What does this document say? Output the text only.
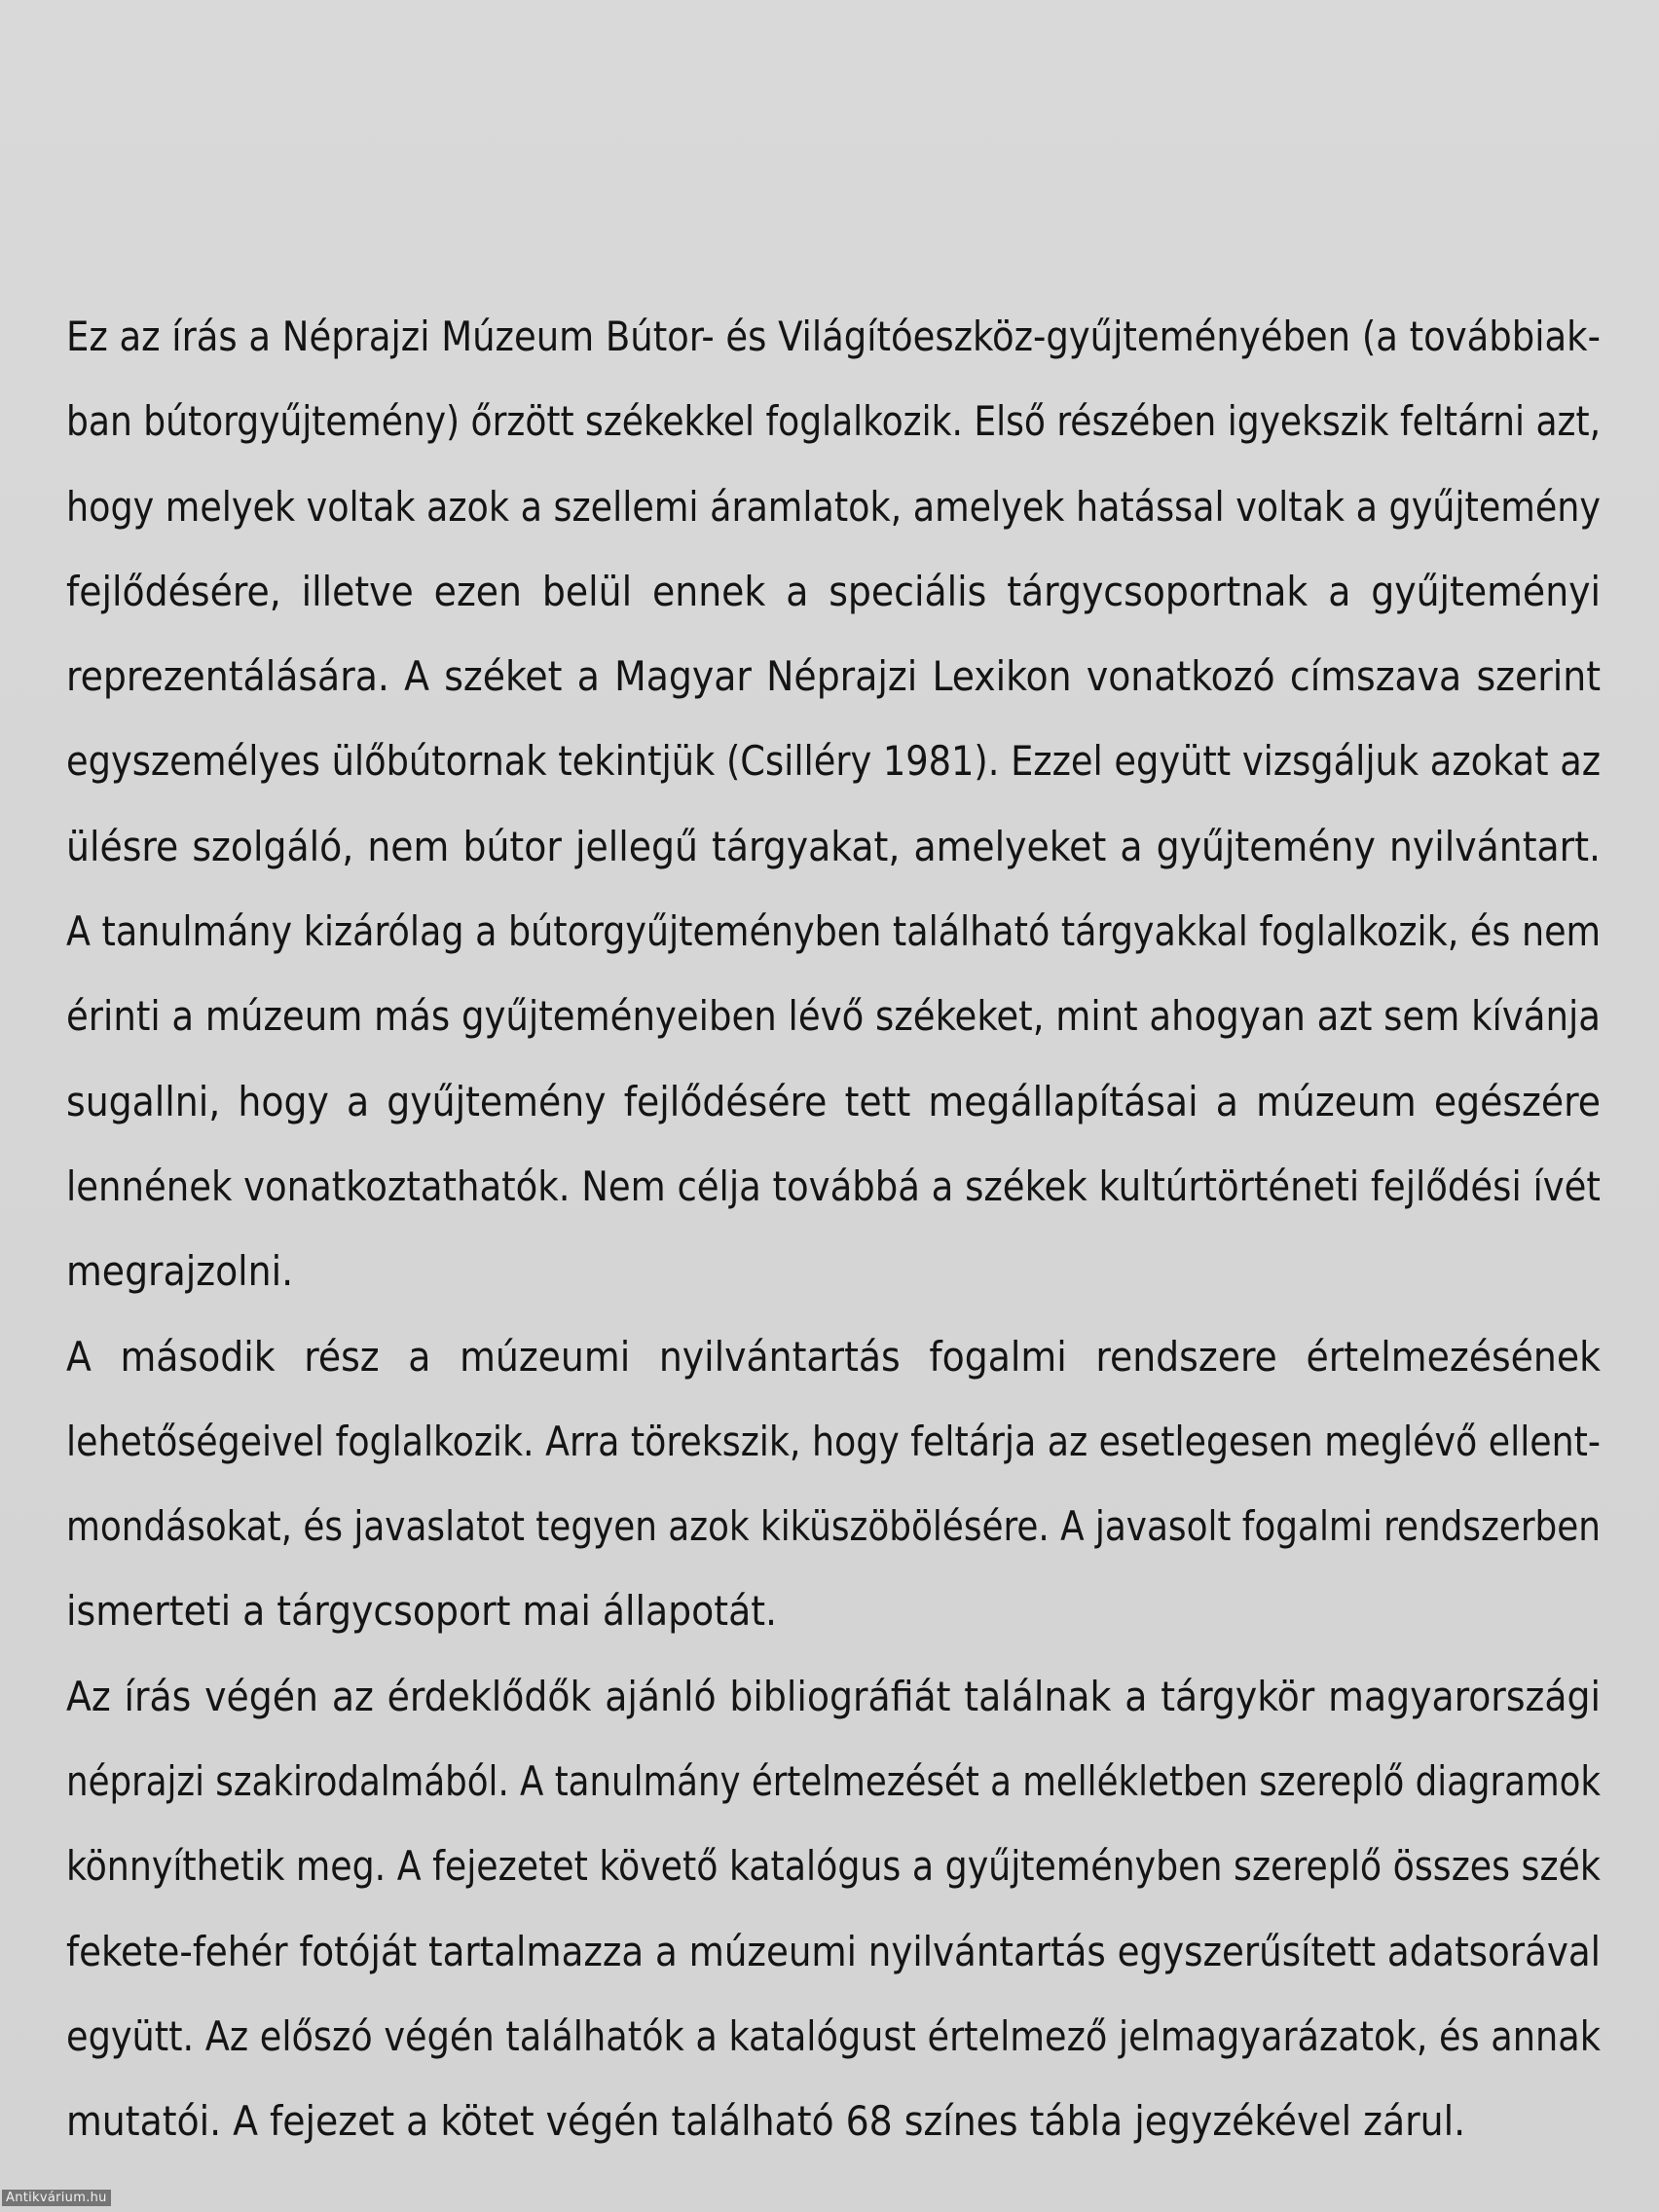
Ez az írás a Néprajzi Múzeum Bútor- és Világítóeszköz-gyűjteményében (a továbbiak-
ban bútorgyűjtemény) őrzött székekkel foglalkozik. Első részében igyekszik feltárni azt,
hogy melyek voltak azok a szellemi áramlatok, amelyek hatással voltak a gyűjtemény
fejlődésére, illetve ezen belül ennek a speciális tárgycsoportnak a gyűjteményi
reprezentálására. A széket a Magyar Néprajzi Lexikon vonatkozó címszava szerint
egyszemélyes ülőbútornak tekintjük (Csilléry 1981). Ezzel együtt vizsgáljuk azokat az
ülésre szolgáló, nem bútor jellegű tárgyakat, amelyeket a gyűjtemény nyilvántart.
A tanulmány kizárólag a bútorgyűjteményben található tárgyakkal foglalkozik, és nem
érinti a múzeum más gyűjteményeiben lévő székeket, mint ahogyan azt sem kívánja
sugallni, hogy a gyűjtemény fejlődésére tett megállapításai a múzeum egészére
lennének vonatkoztathatók. Nem célja továbbá a székek kultúrtörténeti fejlődési ívét
megrajzolni.
A második rész a múzeumi nyilvántartás fogalmi rendszere értelmezésének
lehetőségeivel foglalkozik. Arra törekszik, hogy feltárja az esetlegesen meglévő ellent-
mondásokat, és javaslatot tegyen azok kiküszöbölésére. A javasolt fogalmi rendszerben
ismerteti a tárgycsoport mai állapotát.
Az írás végén az érdeklődők ajánló bibliográfiát találnak a tárgykör magyarországi
néprajzi szakirodalmából. A tanulmány értelmezését a mellékletben szereplő diagramok
könnyíthetik meg. A fejezetet követő katalógus a gyűjteményben szereplő összes szék
fekete-fehér fotóját tartalmazza a múzeumi nyilvántartás egyszerűsített adatsorával
együtt. Az előszó végén találhatók a katalógust értelmező jelmagyarázatok, és annak
mutatói. A fejezet a kötet végén található 68 színes tábla jegyzékével zárul.
Antikvárium.hu
